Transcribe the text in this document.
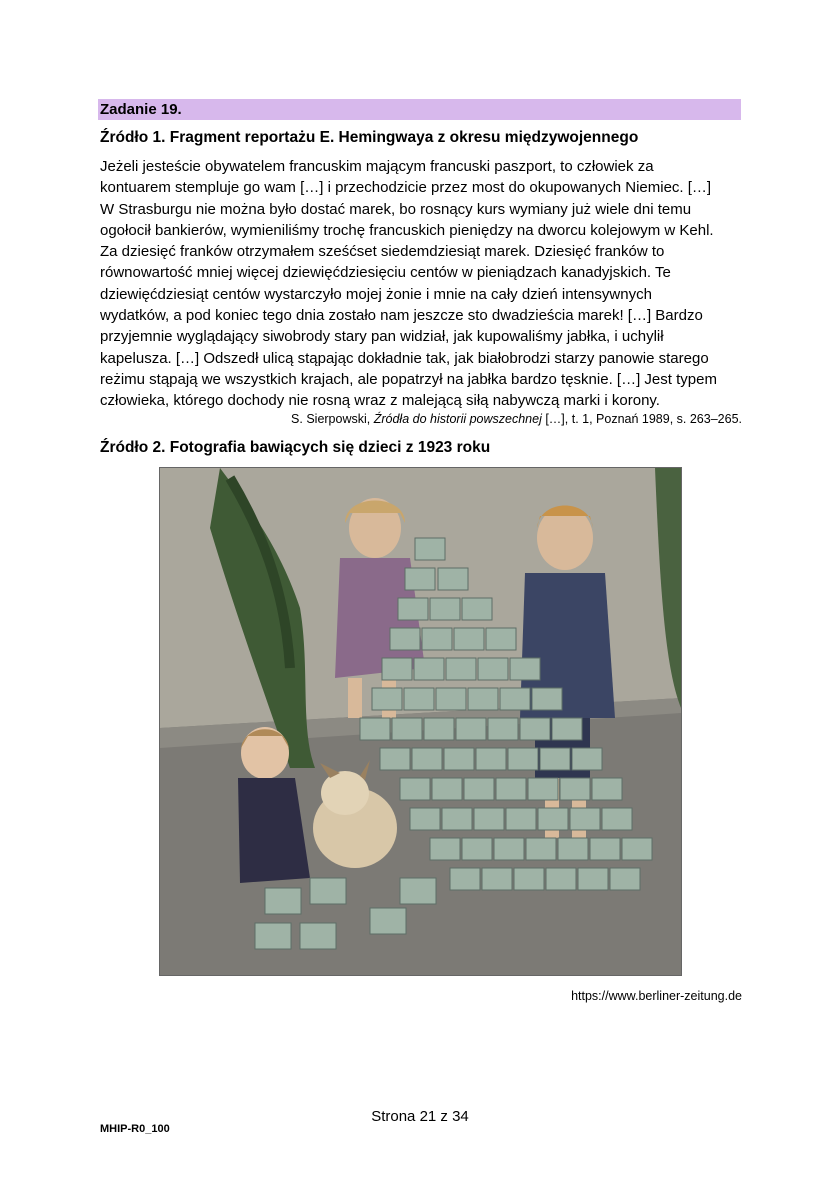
Zadanie 19.
Źródło 1. Fragment reportażu E. Hemingwaya z okresu międzywojennego
Jeżeli jesteście obywatelem francuskim mającym francuski paszport, to człowiek za
kontuarem stempluje go wam […] i przechodzicie przez most do okupowanych Niemiec. […]
W Strasburgu nie można było dostać marek, bo rosnący kurs wymiany już wiele dni temu
ogołocił bankierów, wymieniliśmy trochę francuskich pieniędzy na dworcu kolejowym w Kehl.
Za dziesięć franków otrzymałem sześćset siedemdziesiąt marek. Dziesięć franków to
równowartość mniej więcej dziewięćdziesięciu centów w pieniądzach kanadyjskich. Te
dziewięćdziesiąt centów wystarczyło mojej żonie i mnie na cały dzień intensywnych
wydatków, a pod koniec tego dnia zostało nam jeszcze sto dwadzieścia marek! […] Bardzo
przyjemnie wyglądający siwobrody stary pan widział, jak kupowaliśmy jabłka, i uchylił
kapelusza. […] Odszedł ulicą stąpając dokładnie tak, jak białobrodzi starzy panowie starego
reżimu stąpają we wszystkich krajach, ale popatrzył na jabłka bardzo tęsknie. […] Jest typem
człowieka, którego dochody nie rosną wraz z malejącą siłą nabywczą marki i korony.
S. Sierpowski, Źródła do historii powszechnej […], t. 1, Poznań 1989, s. 263–265.
Źródło 2. Fotografia bawiących się dzieci z 1923 roku
https://www.berliner-zeitung.de
Strona 21 z 34
MHIP-R0_100
